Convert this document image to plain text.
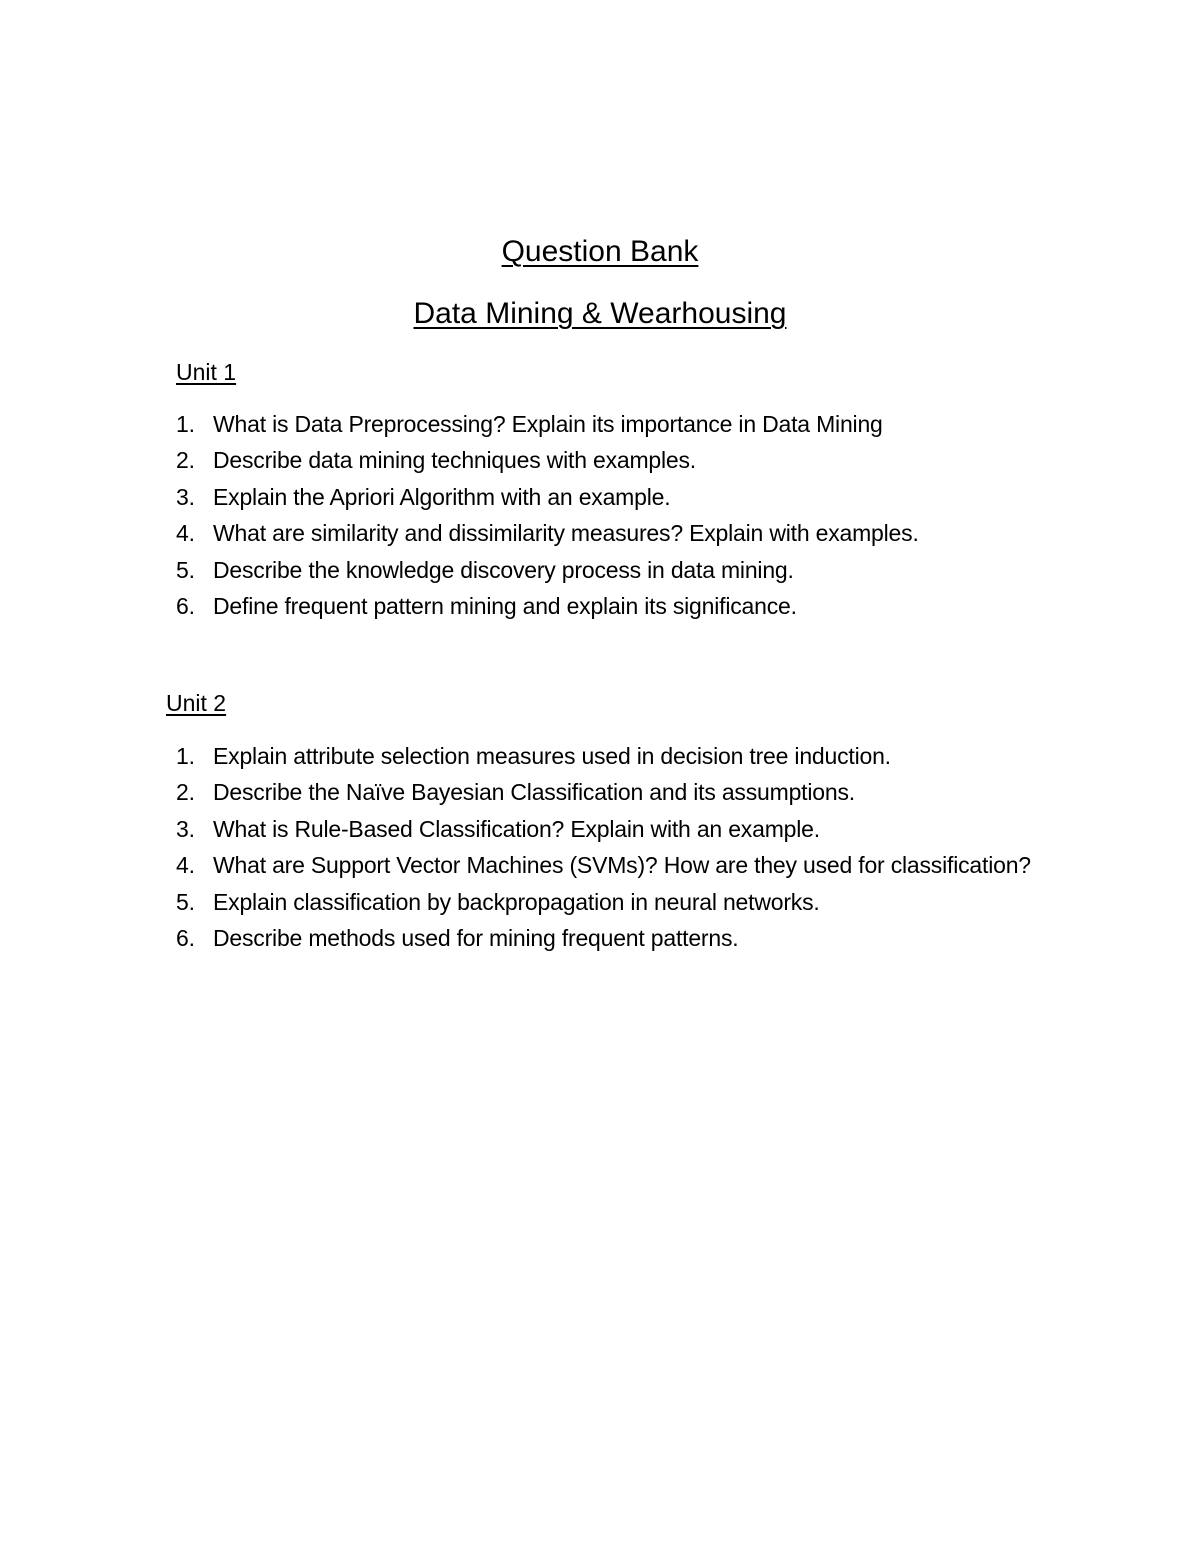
Question Bank
Data Mining & Wearhousing
Unit 1
1. What is Data Preprocessing? Explain its importance in Data Mining
2. Describe data mining techniques with examples.
3. Explain the Apriori Algorithm with an example.
4. What are similarity and dissimilarity measures? Explain with examples.
5. Describe the knowledge discovery process in data mining.
6. Define frequent pattern mining and explain its significance.
Unit 2
1. Explain attribute selection measures used in decision tree induction.
2. Describe the Naïve Bayesian Classification and its assumptions.
3. What is Rule-Based Classification? Explain with an example.
4. What are Support Vector Machines (SVMs)? How are they used for classification?
5. Explain classification by backpropagation in neural networks.
6. Describe methods used for mining frequent patterns.
